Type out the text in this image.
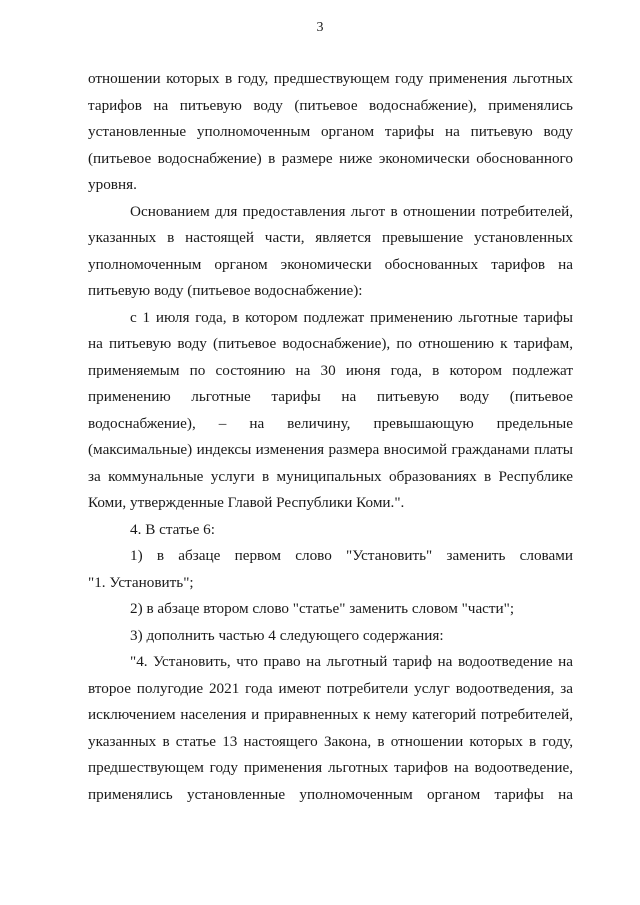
3
отношении которых в году, предшествующем году применения льготных
тарифов на питьевую воду (питьевое водоснабжение), применялись
установленные уполномоченным органом тарифы на питьевую воду
(питьевое водоснабжение) в размере ниже экономически обоснованного
уровня.
Основанием для предоставления льгот в отношении потребителей,
указанных в настоящей части, является превышение установленных
уполномоченным органом экономически обоснованных тарифов на
питьевую воду (питьевое водоснабжение):
с 1 июля года, в котором подлежат применению льготные тарифы
на питьевую воду (питьевое водоснабжение), по отношению к тарифам,
применяемым по состоянию на 30 июня года, в котором подлежат
применению льготные тарифы на питьевую воду (питьевое
водоснабжение), – на величину, превышающую предельные
(максимальные) индексы изменения размера вносимой гражданами платы
за коммунальные услуги в муниципальных образованиях в Республике
Коми, утвержденные Главой Республики Коми.".
4. В статье 6:
1) в абзаце первом слово "Установить" заменить словами
"1. Установить";
2) в абзаце втором слово "статье" заменить словом "части";
3) дополнить частью 4 следующего содержания:
"4. Установить, что право на льготный тариф на водоотведение на
второе полугодие 2021 года имеют потребители услуг водоотведения, за
исключением населения и приравненных к нему категорий потребителей,
указанных в статье 13 настоящего Закона, в отношении которых в году,
предшествующем году применения льготных тарифов на водоотведение,
применялись установленные уполномоченным органом тарифы на
